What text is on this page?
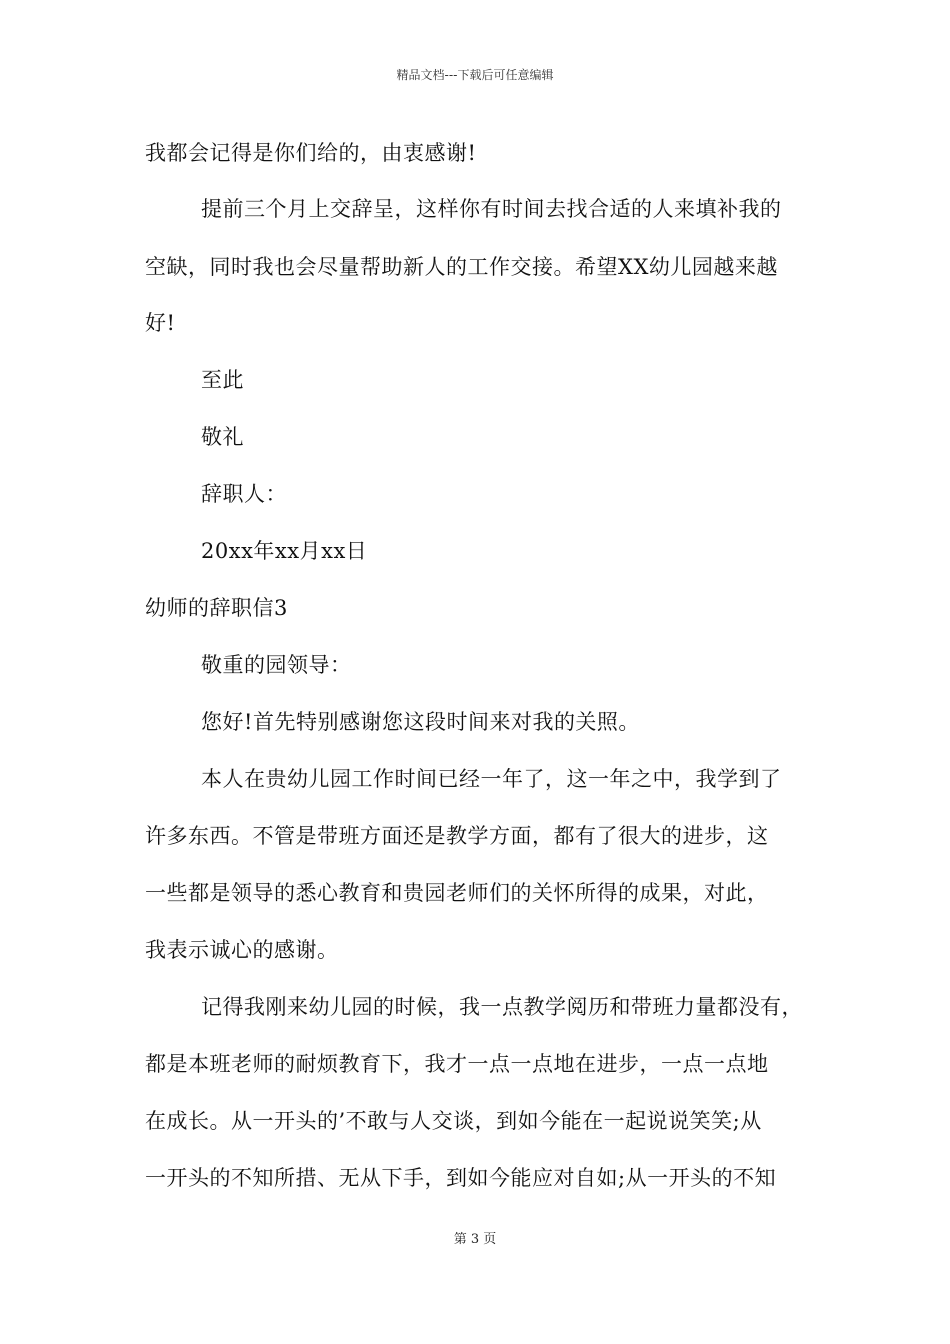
精品文档---下载后可任意编辑
我都会记得是你们给的，由衷感谢!
提前三个月上交辞呈，这样你有时间去找合适的人来填补我的
空缺，同时我也会尽量帮助新人的工作交接。希望XX幼儿园越来越
好!
至此
敬礼
辞职人：
20xx年xx月xx日
幼师的辞职信3
敬重的园领导：
您好!首先特别感谢您这段时间来对我的关照。
本人在贵幼儿园工作时间已经一年了，这一年之中，我学到了
许多东西。不管是带班方面还是教学方面，都有了很大的进步，这
一些都是领导的悉心教育和贵园老师们的关怀所得的成果，对此，
我表示诚心的感谢。
记得我刚来幼儿园的时候，我一点教学阅历和带班力量都没有，
都是本班老师的耐烦教育下，我才一点一点地在进步，一点一点地
在成长。从一开头的’不敢与人交谈，到如今能在一起说说笑笑;从
一开头的不知所措、无从下手，到如今能应对自如;从一开头的不知
第 3 页
